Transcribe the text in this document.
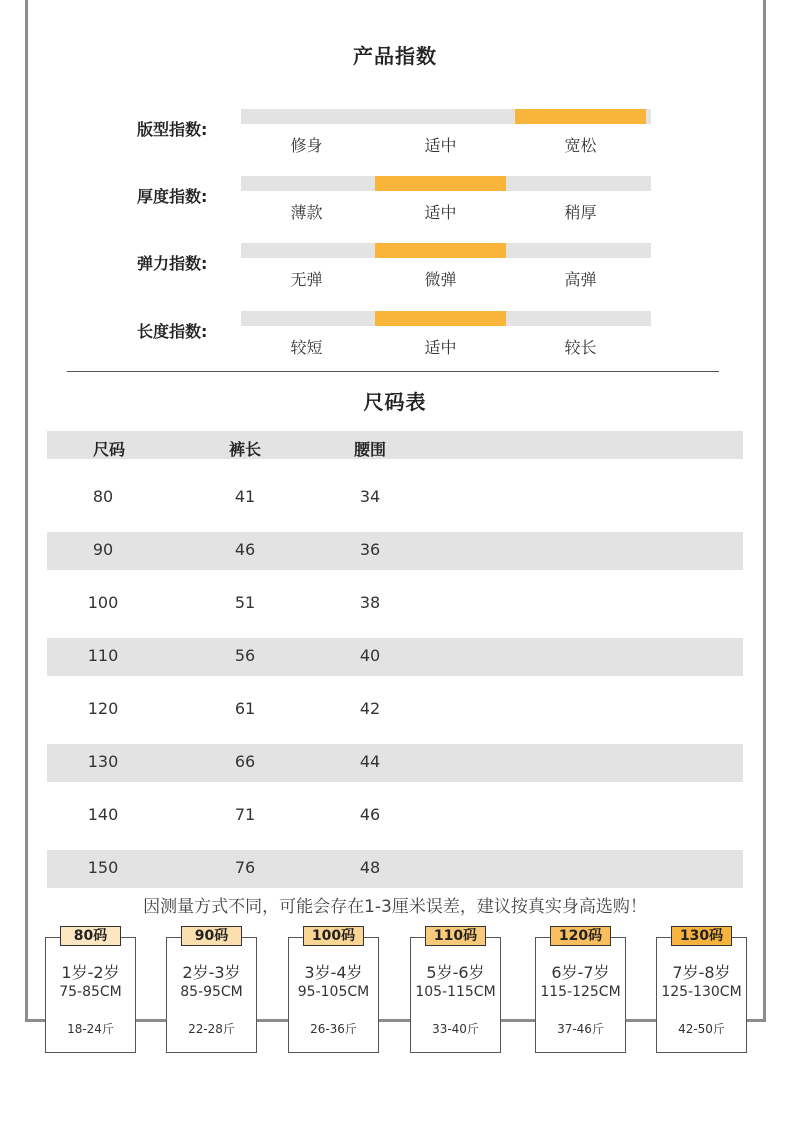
产品指数
版型指数:
修身	适中	宽松
厚度指数:
薄款	适中	稍厚
弹力指数:
无弹	微弹	高弹
长度指数:
较短	适中	较长
尺码表
尺码	裤长	腰围
80	41	34
90	46	36
100	51	38
110	56	40
120	61	42
130	66	44
140	71	46
150	76	48
因测量方式不同，可能会存在1-3厘米误差，建议按真实身高选购！
1岁-2岁
75-85CM
18-24斤
80码
2岁-3岁
85-95CM
22-28斤
90码
3岁-4岁
95-105CM
26-36斤
100码
5岁-6岁
105-115CM
33-40斤
110码
6岁-7岁
115-125CM
37-46斤
120码
7岁-8岁
125-130CM
42-50斤
130码
